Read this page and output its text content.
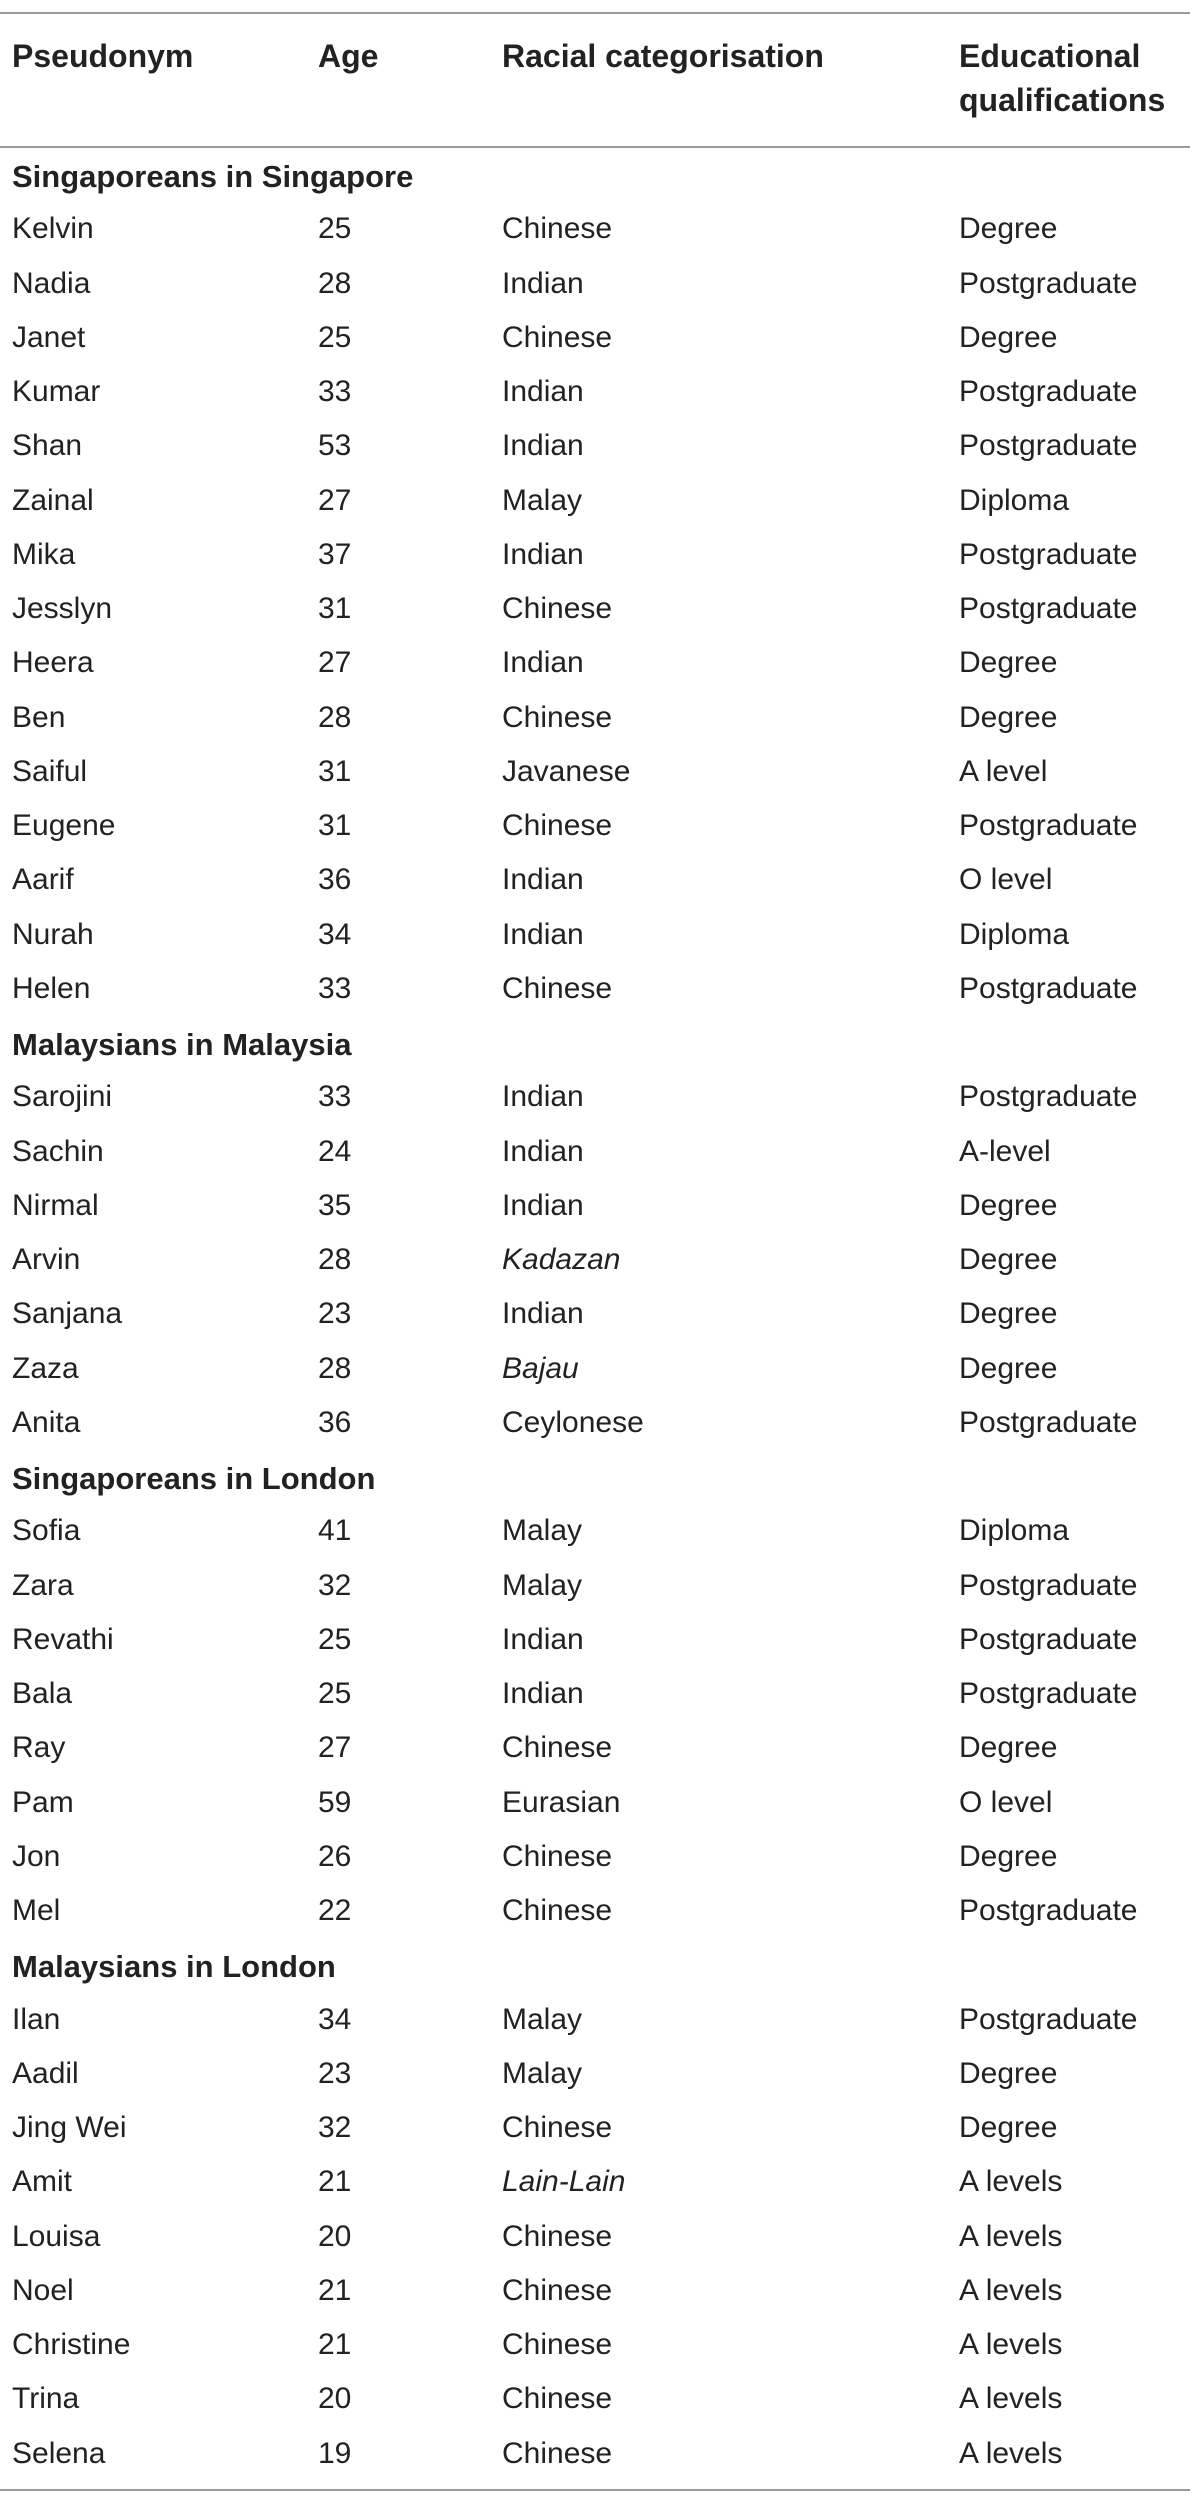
Pseudonym	Age	Racial categorisation	Educational
qualifications
Singaporeans in Singapore
Kelvin	25	Chinese	Degree
Nadia	28	Indian	Postgraduate
Janet	25	Chinese	Degree
Kumar	33	Indian	Postgraduate
Shan	53	Indian	Postgraduate
Zainal	27	Malay	Diploma
Mika	37	Indian	Postgraduate
Jesslyn	31	Chinese	Postgraduate
Heera	27	Indian	Degree
Ben	28	Chinese	Degree
Saiful	31	Javanese	A level
Eugene	31	Chinese	Postgraduate
Aarif	36	Indian	O level
Nurah	34	Indian	Diploma
Helen	33	Chinese	Postgraduate
Malaysians in Malaysia
Sarojini	33	Indian	Postgraduate
Sachin	24	Indian	A-level
Nirmal	35	Indian	Degree
Arvin	28	Kadazan	Degree
Sanjana	23	Indian	Degree
Zaza	28	Bajau	Degree
Anita	36	Ceylonese	Postgraduate
Singaporeans in London
Sofia	41	Malay	Diploma
Zara	32	Malay	Postgraduate
Revathi	25	Indian	Postgraduate
Bala	25	Indian	Postgraduate
Ray	27	Chinese	Degree
Pam	59	Eurasian	O level
Jon	26	Chinese	Degree
Mel	22	Chinese	Postgraduate
Malaysians in London
Ilan	34	Malay	Postgraduate
Aadil	23	Malay	Degree
Jing Wei	32	Chinese	Degree
Amit	21	Lain-Lain	A levels
Louisa	20	Chinese	A levels
Noel	21	Chinese	A levels
Christine	21	Chinese	A levels
Trina	20	Chinese	A levels
Selena	19	Chinese	A levels
